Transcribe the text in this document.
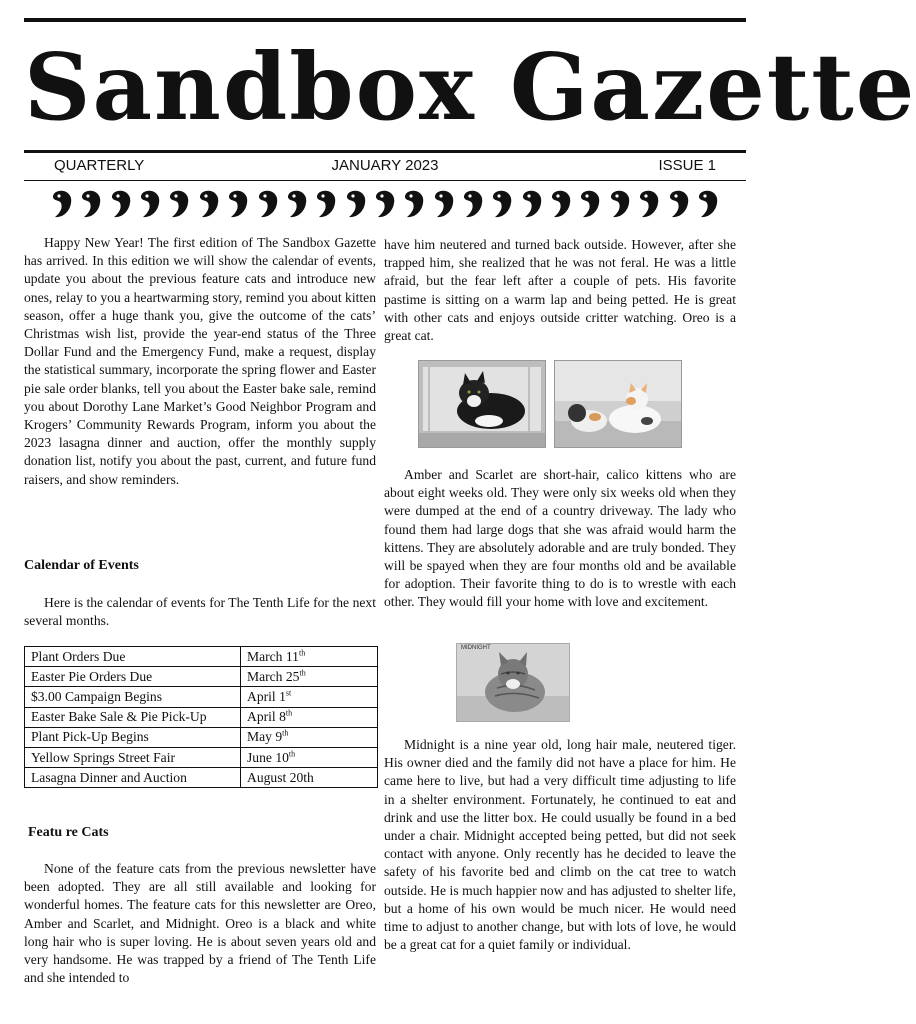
Sandbox Gazette
QUARTERLY	JANUARY 2023	ISSUE 1

Happy New Year! The first edition of The Sandbox Gazette has arrived. In this edition we will show the calendar of events, update you about the previous feature cats and introduce new ones, relay to you a heartwarming story, remind you about kitten season, offer a huge thank you, give the outcome of the cats’ Christmas wish list, provide the year-end status of the Three Dollar Fund and the Emergency Fund, make a request, display the statistical summary, incorporate the spring flower and Easter pie sale order blanks, tell you about the Easter bake sale, remind you about Dorothy Lane Market’s Good Neighbor Program and Krogers’ Community Rewards Program, inform you about the 2023 lasagna dinner and auction, offer the monthly supply donation list, notify you about the past, current, and future fund raisers, and show reminders.

Calendar of Events
Here is the calendar of events for The Tenth Life for the next several months.
Plant Orders Due	March 11th
Easter Pie Orders Due	March 25th
$3.00 Campaign Begins	April 1st
Easter Bake Sale & Pie Pick-Up	April 8th
Plant Pick-Up Begins	May 9th
Yellow Springs Street Fair	June 10th
Lasagna Dinner and Auction	August 20th
Featu re Cats
None of the feature cats from the previous newsletter have been adopted. They are all still available and looking for wonderful homes. The feature cats for this newsletter are Oreo, Amber and Scarlet, and Midnight. Oreo is a black and white long hair who is super loving. He is about seven years old and very handsome. He was trapped by a friend of The Tenth Life and she intended to
have him neutered and turned back outside. However, after she trapped him, she realized that he was not feral. He was a little afraid, but the fear left after a couple of pets. His favorite pastime is sitting on a warm lap and being petted. He is great with other cats and enjoys outside critter watching. Oreo is a great cat.
Amber and Scarlet are short-hair, calico kittens who are about eight weeks old. They were only six weeks old when they were dumped at the end of a country driveway. The lady who found them had large dogs that she was afraid would harm the kittens. They are absolutely adorable and are truly bonded. They will be spayed when they are four months old and be available for adoption. Their favorite thing to do is to wrestle with each other. They would fill your home with love and excitement.
MIDNIGHT
Midnight is a nine year old, long hair male, neutered tiger. His owner died and the family did not have a place for him. He came here to live, but had a very difficult time adjusting to life in a shelter environment. Fortunately, he continued to eat and drink and use the litter box. He could usually be found in a bed under a chair. Midnight accepted being petted, but did not seek contact with anyone. Only recently has he decided to leave the safety of his favorite bed and climb on the cat tree to watch outside. He is much happier now and has adjusted to shelter life, but a home of his own would be much nicer. He would need time to adjust to another change, but with lots of love, he would be a great cat for a quiet family or individual.
